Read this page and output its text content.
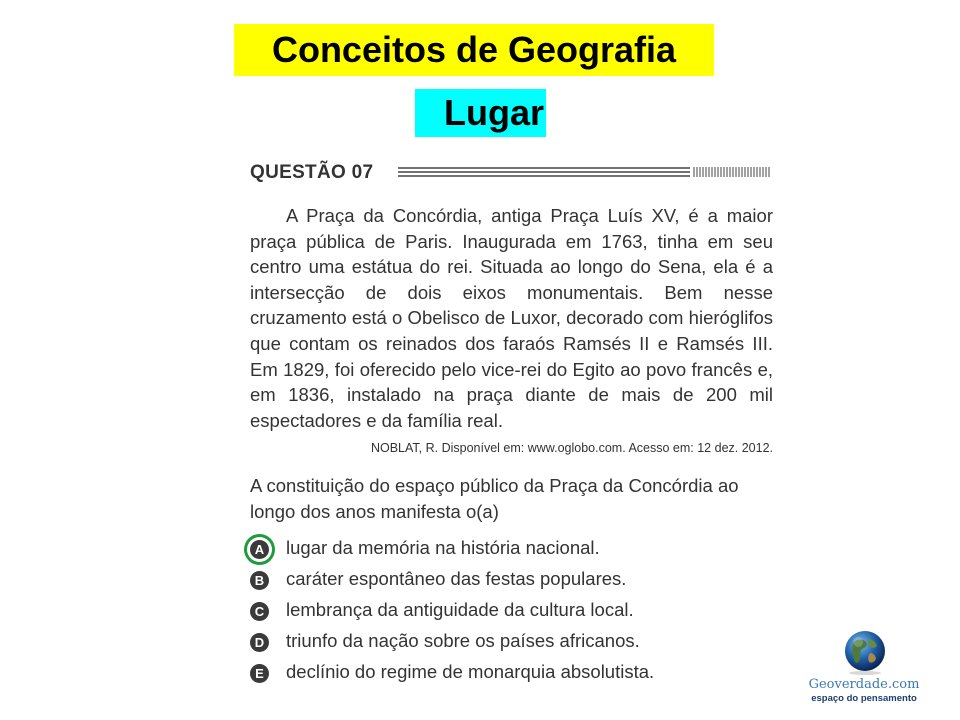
Conceitos de Geografia
Lugar
QUESTÃO 07

A Praça da Concórdia, antiga Praça Luís XV, é a maior praça pública de Paris. Inaugurada em 1763, tinha em seu centro uma estátua do rei. Situada ao longo do Sena, ela é a intersecção de dois eixos monumentais. Bem nesse cruzamento está o Obelisco de Luxor, decorado com hieróglifos que contam os reinados dos faraós Ramsés II e Ramsés III. Em 1829, foi oferecido pelo vice-rei do Egito ao povo francês e, em 1836, instalado na praça diante de mais de 200 mil espectadores e da família real.

NOBLAT, R. Disponível em: www.oglobo.com. Acesso em: 12 dez. 2012.

A constituição do espaço público da Praça da Concórdia ao longo dos anos manifesta o(a)

A lugar da memória na história nacional.
B caráter espontâneo das festas populares.
C lembrança da antiguidade da cultura local.
D triunfo da nação sobre os países africanos.
E declínio do regime de monarquia absolutista.
Geoverdade.com
espaço do pensamento
